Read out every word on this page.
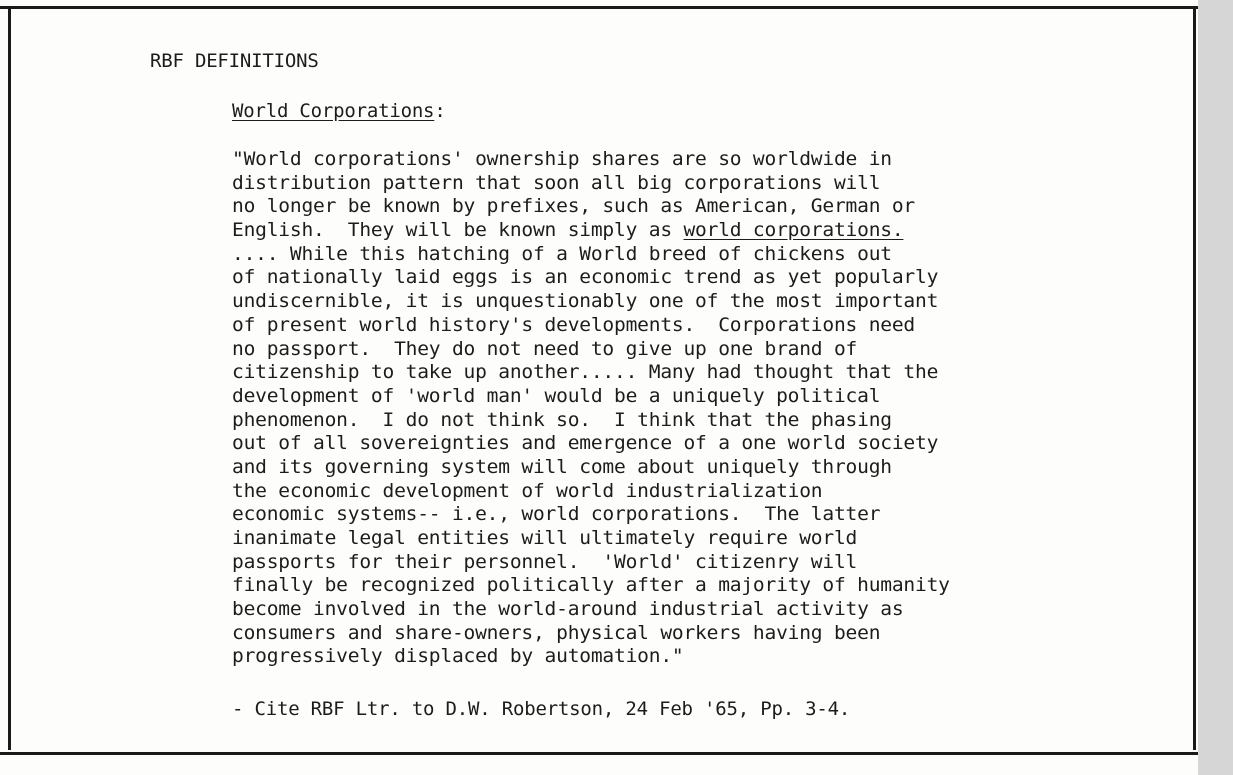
RBF DEFINITIONS

World Corporations:

"World corporations' ownership shares are so worldwide in
distribution pattern that soon all big corporations will
no longer be known by prefixes, such as American, German or
English.  They will be known simply as world corporations.
.... While this hatching of a World breed of chickens out
of nationally laid eggs is an economic trend as yet popularly
undiscernible, it is unquestionably one of the most important
of present world history's developments.  Corporations need
no passport.  They do not need to give up one brand of
citizenship to take up another..... Many had thought that the
development of 'world man' would be a uniquely political
phenomenon.  I do not think so.  I think that the phasing
out of all sovereignties and emergence of a one world society
and its governing system will come about uniquely through
the economic development of world industrialization
economic systems-- i.e., world corporations.  The latter
inanimate legal entities will ultimately require world
passports for their personnel.  'World' citizenry will
finally be recognized politically after a majority of humanity
become involved in the world-around industrial activity as
consumers and share-owners, physical workers having been
progressively displaced by automation."

- Cite RBF Ltr. to D.W. Robertson, 24 Feb '65, Pp. 3-4.
